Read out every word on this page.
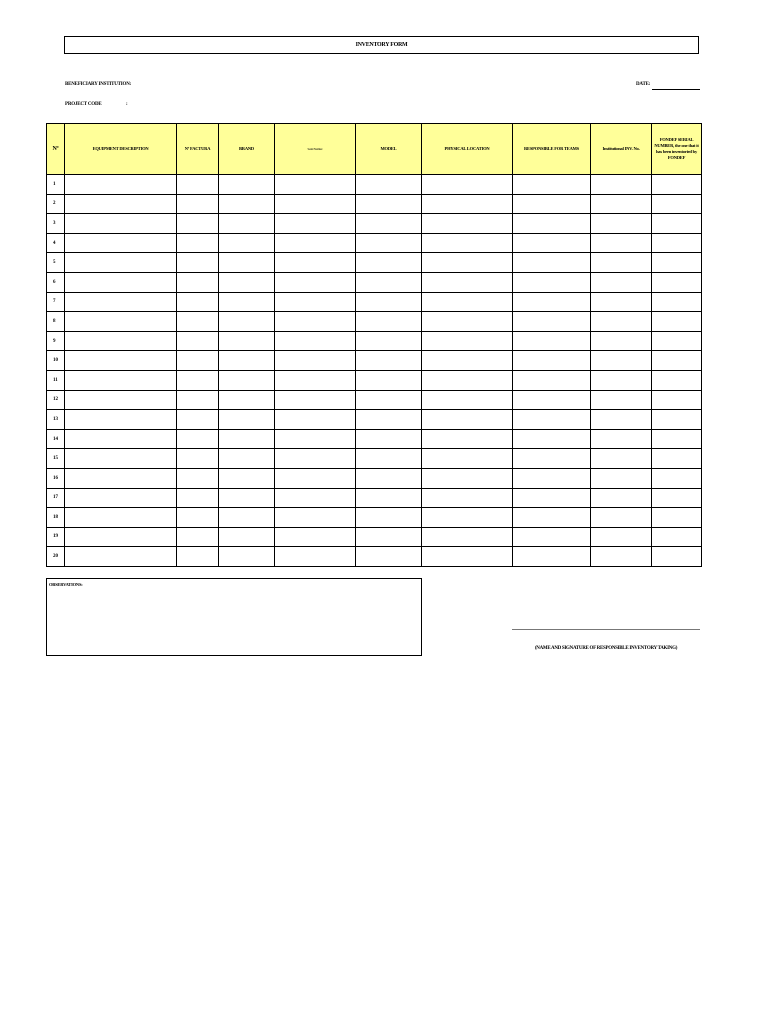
INVENTORY FORM
BENEFICIARY INSTITUTION:	DATE:
PROJECT CODE	:
Nº	EQUIPMENT DESCRIPTION	Nº FACTURA	BRAND	Serial Number	MODEL	PHYSICAL LOCATION	RESPONSIBLE FOR TEAMS	Institutional INV. No.	FONDEF SERIAL NUMBER, the one that it has been inventoried by FONDEF
1									
2									
3									
4									
5									
6									
7									
8									
9									
10									
11									
12									
13									
14									
15									
16									
17									
18									
19									
20									
OBSERVATIONS:
(NAME AND SIGNATURE OF RESPONSIBLE INVENTORY TAKING)
